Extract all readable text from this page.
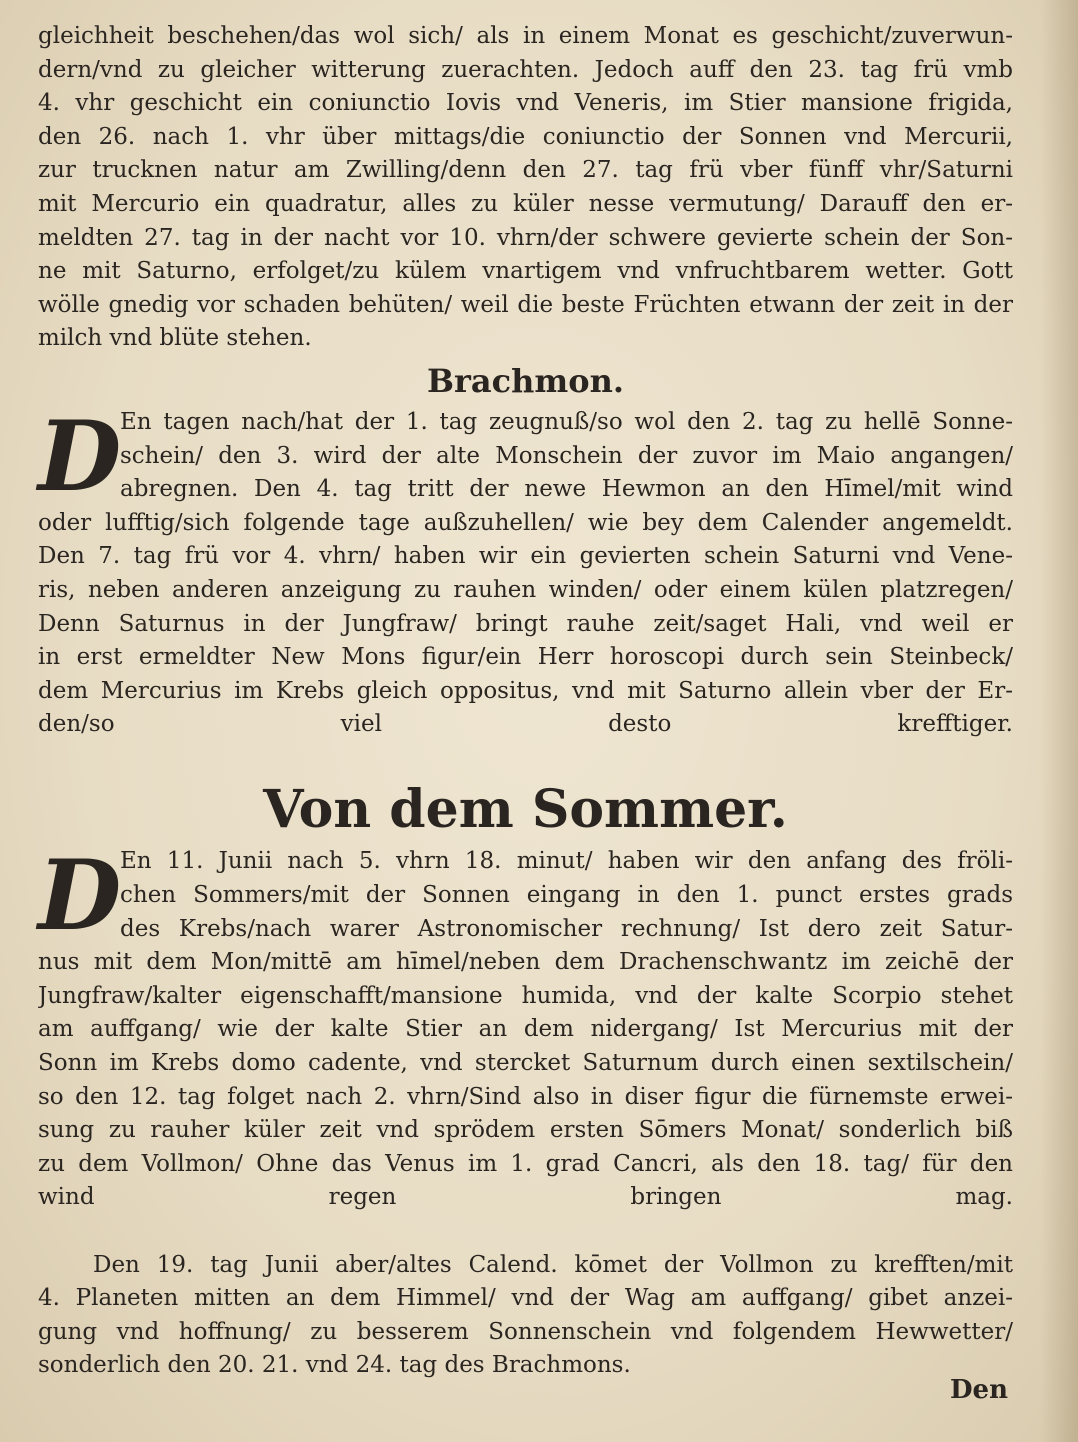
gleichheit beschehen/das wol sich/ als in einem Monat es geschicht/zuverwun-
dern/vnd zu gleicher witterung zuerachten. Jedoch auff den 23. tag frü vmb
4. vhr geschicht ein coniunctio Iovis vnd Veneris, im Stier mansione frigida,
den 26. nach 1. vhr über mittags/die coniunctio der Sonnen vnd Mercurii,
zur trucknen natur am Zwilling/denn den 27. tag frü vber fünff vhr/Saturni
mit Mercurio ein quadratur, alles zu küler nesse vermutung/ Darauff den er-
meldten 27. tag in der nacht vor 10. vhrn/der schwere gevierte schein der Son-
ne mit Saturno, erfolget/zu külem vnartigem vnd vnfruchtbarem wetter. Gott
wölle gnedig vor schaden behüten/ weil die beste Früchten etwann der zeit in der
milch vnd blüte stehen.
Brachmon.
D
En tagen nach/hat der 1. tag zeugnuß/so wol den 2. tag zu hellē Sonne-
schein/ den 3. wird der alte Monschein der zuvor im Maio angangen/
abregnen. Den 4. tag tritt der newe Hewmon an den Hīmel/mit wind
oder lufftig/sich folgende tage außzuhellen/ wie bey dem Calender angemeldt.
Den 7. tag frü vor 4. vhrn/ haben wir ein gevierten schein Saturni vnd Vene-
ris, neben anderen anzeigung zu rauhen winden/ oder einem külen platzregen/
Denn Saturnus in der Jungfraw/ bringt rauhe zeit/saget Hali, vnd weil er
in erst ermeldter New Mons figur/ein Herr horoscopi durch sein Steinbeck/
dem Mercurius im Krebs gleich oppositus, vnd mit Saturno allein vber der Er-
den/so viel desto krefftiger.
Von dem Sommer.
D
En 11. Junii nach 5. vhrn 18. minut/ haben wir den anfang des fröli-
chen Sommers/mit der Sonnen eingang in den 1. punct erstes grads
des Krebs/nach warer Astronomischer rechnung/ Ist dero zeit Satur-
nus mit dem Mon/mittē am hīmel/neben dem Drachenschwantz im zeichē der
Jungfraw/kalter eigenschafft/mansione humida, vnd der kalte Scorpio stehet
am auffgang/ wie der kalte Stier an dem nidergang/ Ist Mercurius mit der
Sonn im Krebs domo cadente, vnd stercket Saturnum durch einen sextilschein/
so den 12. tag folget nach 2. vhrn/Sind also in diser figur die fürnemste erwei-
sung zu rauher küler zeit vnd sprödem ersten Sōmers Monat/ sonderlich biß
zu dem Vollmon/ Ohne das Venus im 1. grad Cancri, als den 18. tag/ für den
wind regen bringen mag.
Den 19. tag Junii aber/altes Calend. kōmet der Vollmon zu krefften/mit
4. Planeten mitten an dem Himmel/ vnd der Wag am auffgang/ gibet anzei-
gung vnd hoffnung/ zu besserem Sonnenschein vnd folgendem Hewwetter/
sonderlich den 20. 21. vnd 24. tag des Brachmons.
Den
